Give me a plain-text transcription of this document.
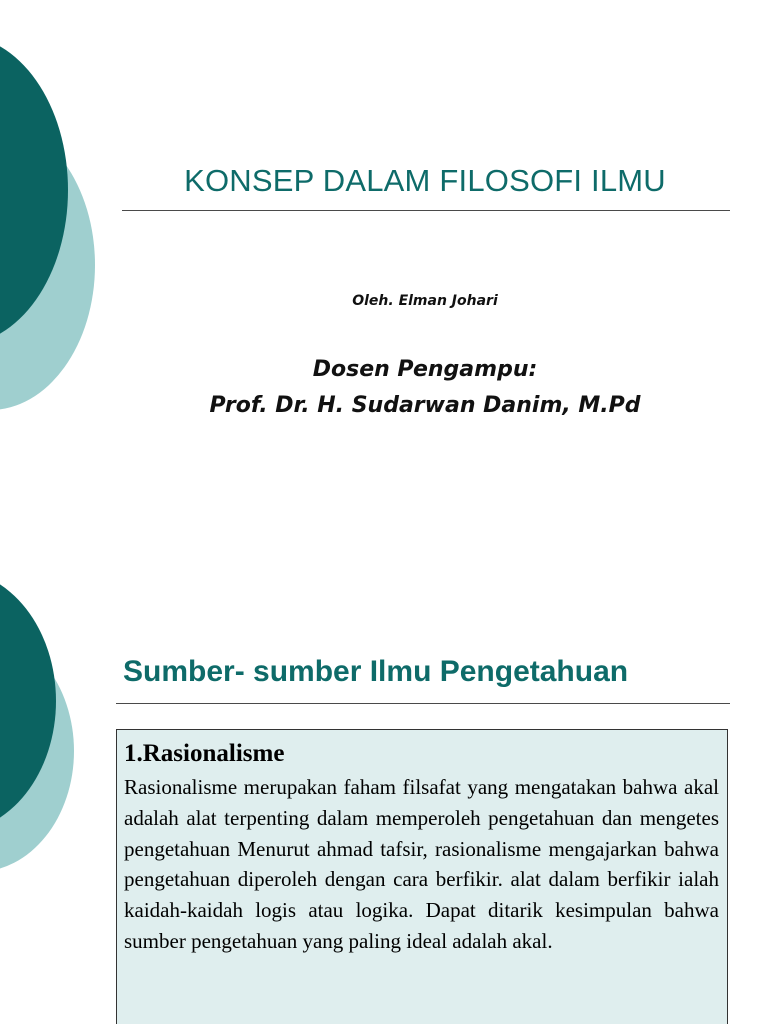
KONSEP DALAM FILOSOFI ILMU
Oleh. Elman Johari
Dosen Pengampu:
Prof. Dr. H. Sudarwan Danim, M.Pd
Sumber- sumber Ilmu Pengetahuan
1.Rasionalisme

Rasionalisme merupakan faham filsafat yang mengatakan bahwa akal adalah alat terpenting dalam memperoleh pengetahuan dan mengetes pengetahuan Menurut ahmad tafsir, rasionalisme mengajarkan bahwa pengetahuan diperoleh dengan cara berfikir. alat dalam berfikir ialah kaidah-kaidah logis atau logika. Dapat ditarik kesimpulan bahwa sumber pengetahuan yang paling ideal adalah akal.
